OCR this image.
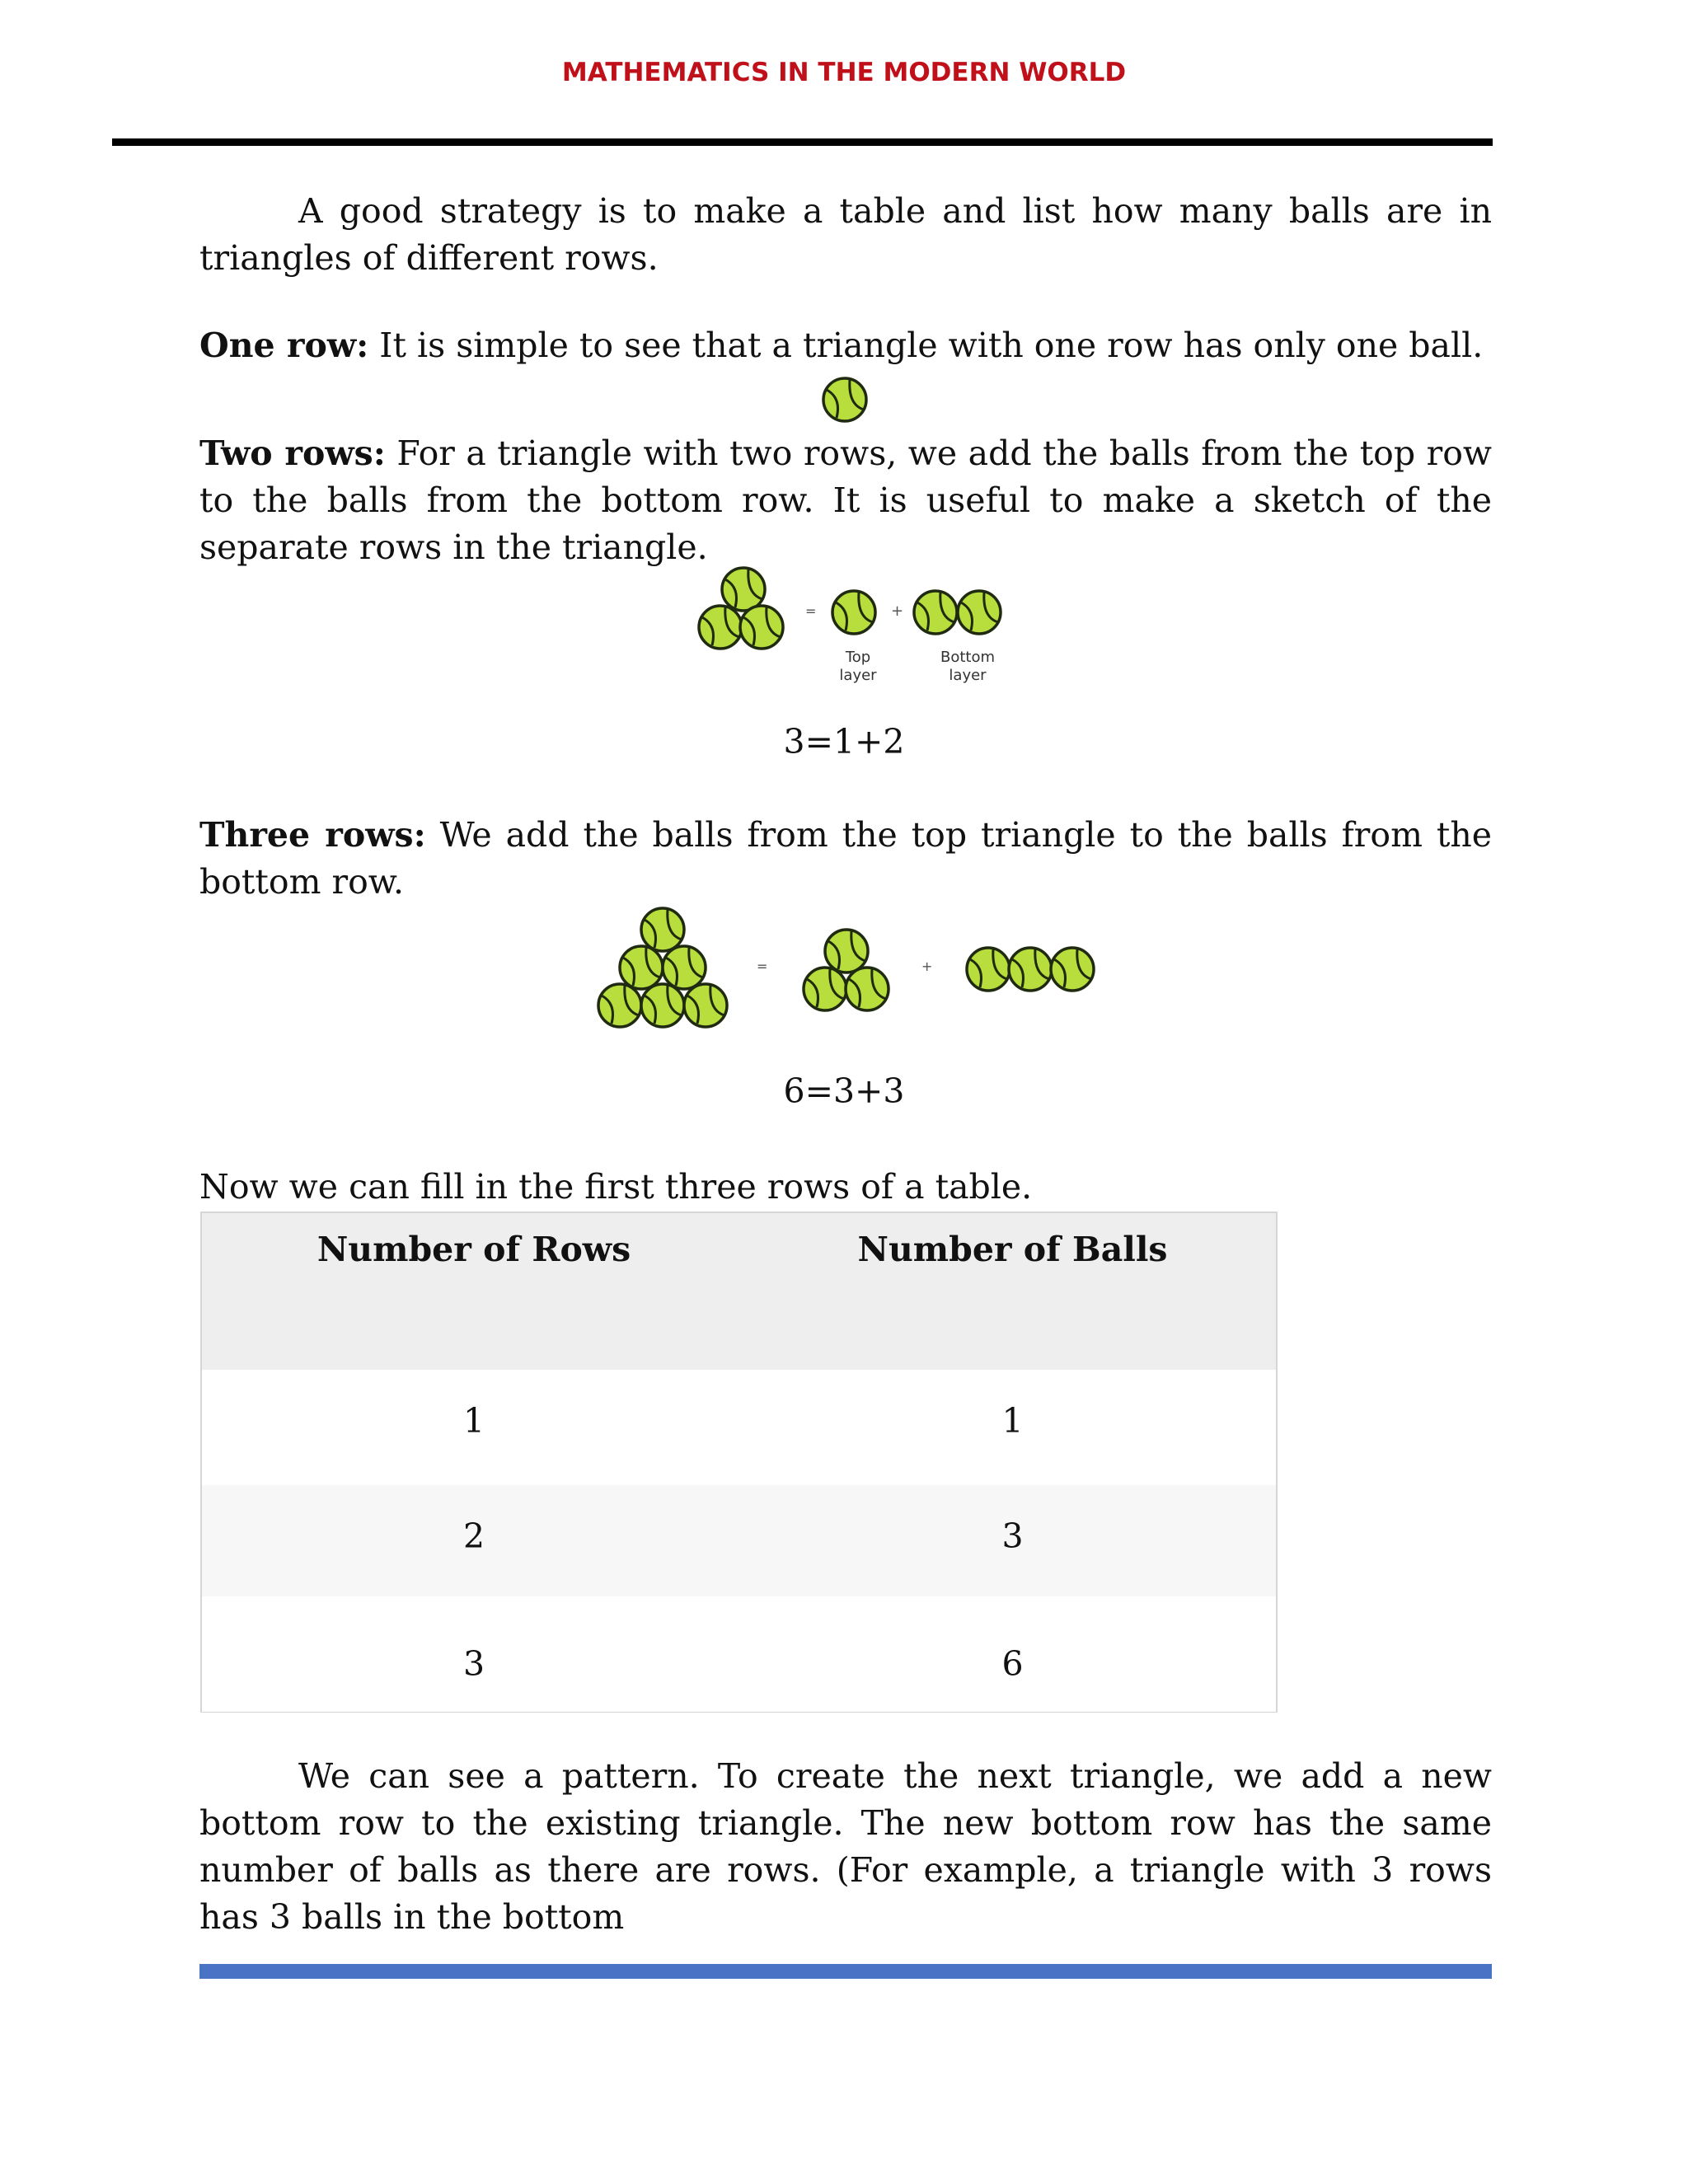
MATHEMATICS IN THE MODERN WORLD
A good strategy is to make a table and list how many balls are in triangles of different rows.
One row: It is simple to see that a triangle with one row has only one ball.
Two rows: For a triangle with two rows, we add the balls from the top row to the balls from the bottom row. It is useful to make a sketch of the separate rows in the triangle.
=	+
Top
layer
Bottom
layer
3=1+2
Three rows: We add the balls from the top triangle to the balls from the bottom row.
=	+
6=3+3
Now we can fill in the first three rows of a table.
Number of Rows	Number of Balls
1	1
2	3
3	6
We can see a pattern. To create the next triangle, we add a new bottom row to the existing triangle. The new bottom row has the same number of balls as there are rows. (For example, a triangle with 3 rows has 3 balls in the bottom
